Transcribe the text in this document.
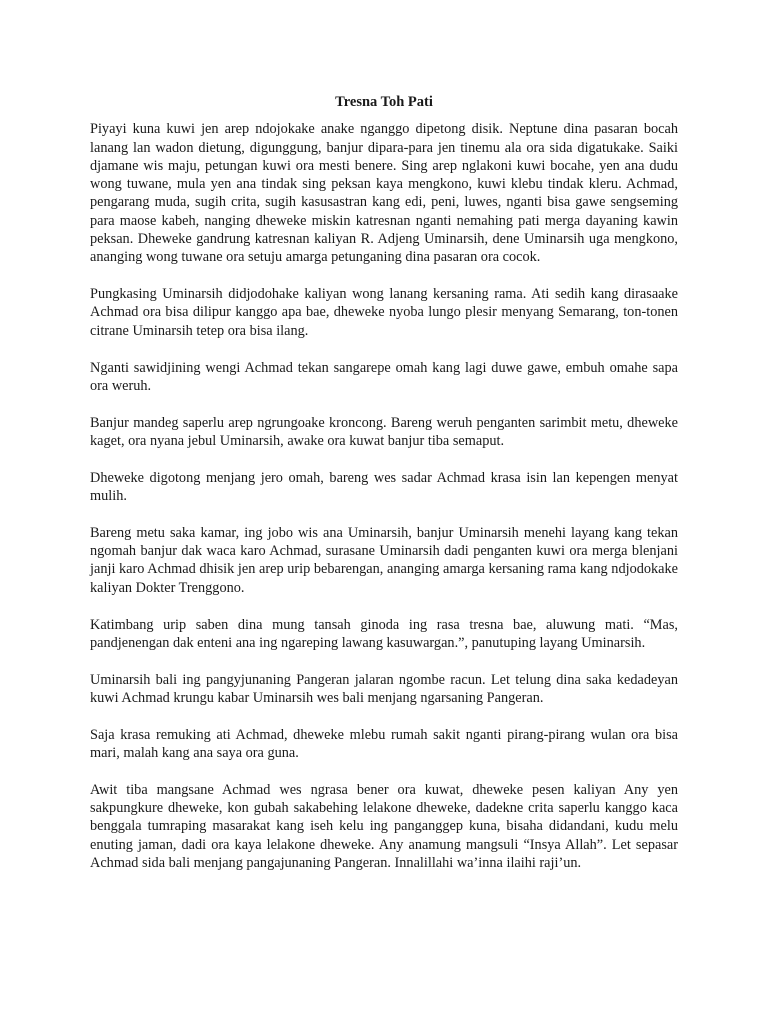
Tresna Toh Pati

Piyayi kuna kuwi jen arep ndojokake anake nganggo dipetong disik. Neptune dina pasaran bocah lanang lan wadon dietung, digunggung, banjur dipara-para jen tinemu ala ora sida digatukake. Saiki djamane wis maju, petungan kuwi ora mesti benere. Sing arep nglakoni kuwi bocahe, yen ana dudu wong tuwane, mula yen ana tindak sing peksan kaya mengkono, kuwi klebu tindak kleru. Achmad, pengarang muda, sugih crita, sugih kasusastran kang edi, peni, luwes, nganti bisa gawe sengseming para maose kabeh, nanging dheweke miskin katresnan nganti nemahing pati merga dayaning kawin peksan. Dheweke gandrung katresnan kaliyan R. Adjeng Uminarsih, dene Uminarsih uga mengkono, ananging wong tuwane ora setuju amarga petunganing dina pasaran ora cocok.

Pungkasing Uminarsih didjodohake kaliyan wong lanang kersaning rama. Ati sedih kang dirasaake Achmad ora bisa dilipur kanggo apa bae, dheweke nyoba lungo plesir menyang Semarang, ton-tonen citrane Uminarsih tetep ora bisa ilang.

Nganti sawidjining wengi Achmad tekan sangarepe omah kang lagi duwe gawe, embuh omahe sapa ora weruh.

Banjur mandeg saperlu arep ngrungoake kroncong. Bareng weruh penganten sarimbit metu, dheweke kaget, ora nyana jebul Uminarsih, awake ora kuwat banjur tiba semaput.

Dheweke digotong menjang jero omah, bareng wes sadar Achmad krasa isin lan kepengen menyat mulih.

Bareng metu saka kamar, ing jobo wis ana Uminarsih, banjur Uminarsih menehi layang kang tekan ngomah banjur dak waca karo Achmad, surasane Uminarsih dadi penganten kuwi ora merga blenjani janji karo Achmad dhisik jen arep urip bebarengan, ananging amarga kersaning rama kang ndjodokake kaliyan Dokter Trenggono.

Katimbang urip saben dina mung tansah ginoda ing rasa tresna bae, aluwung mati. “Mas, pandjenengan dak enteni ana ing ngareping lawang kasuwargan.”, panutuping layang Uminarsih.

Uminarsih bali ing pangyjunaning Pangeran jalaran ngombe racun. Let telung dina saka kedadeyan kuwi Achmad krungu kabar Uminarsih wes bali menjang ngarsaning Pangeran.

Saja krasa remuking ati Achmad, dheweke mlebu rumah sakit nganti pirang-pirang wulan ora bisa mari, malah kang ana saya ora guna.

Awit tiba mangsane Achmad wes ngrasa bener ora kuwat, dheweke pesen kaliyan Any yen sakpungkure dheweke, kon gubah sakabehing lelakone dheweke, dadekne crita saperlu kanggo kaca benggala tumraping masarakat kang iseh kelu ing panganggep kuna, bisaha didandani, kudu melu enuting jaman, dadi ora kaya lelakone dheweke. Any anamung mangsuli “Insya Allah”. Let sepasar Achmad sida bali menjang pangajunaning Pangeran. Innalillahi wa’inna ilaihi raji’un.
